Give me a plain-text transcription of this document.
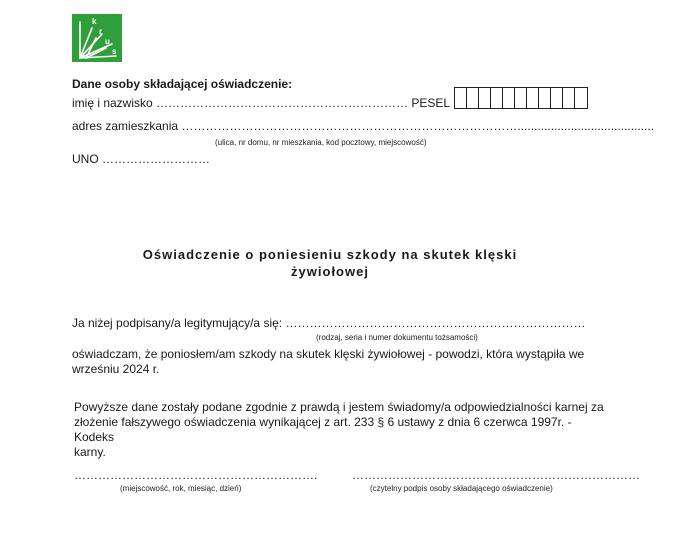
k
r
u
s
Dane osoby składającej oświadczenie:
imię i nazwisko ……………………………………………………… PESEL
adres zamieszkania ………………………………………………………………………….........................................
(ulica, nr domu, nr mieszkania, kod pocztowy, miejscowość)
UNO ………………………
Oświadczenie o poniesieniu szkody na skutek klęski
żywiołowej
Ja niżej podpisany/a legitymujący/a się: …………………………………………………………………
(rodzaj, seria i numer dokumentu tożsamości)
oświadczam, że poniosłem/am szkody na skutek klęski żywiołowej - powodzi, która wystąpiła we
wrześniu 2024 r.
Powyższe dane zostały podane zgodnie z prawdą i jestem świadomy/a odpowiedzialności karnej za
złożenie fałszywego oświadczenia wynikającej z art. 233 § 6 ustawy z dnia 6 czerwca 1997r. - Kodeks
karny.
…………………………………………………….
(miejscowość, rok, miesiąc, dzień)
………………………………………………………………
(czytelny podpis osoby składającego oświadczenie)
